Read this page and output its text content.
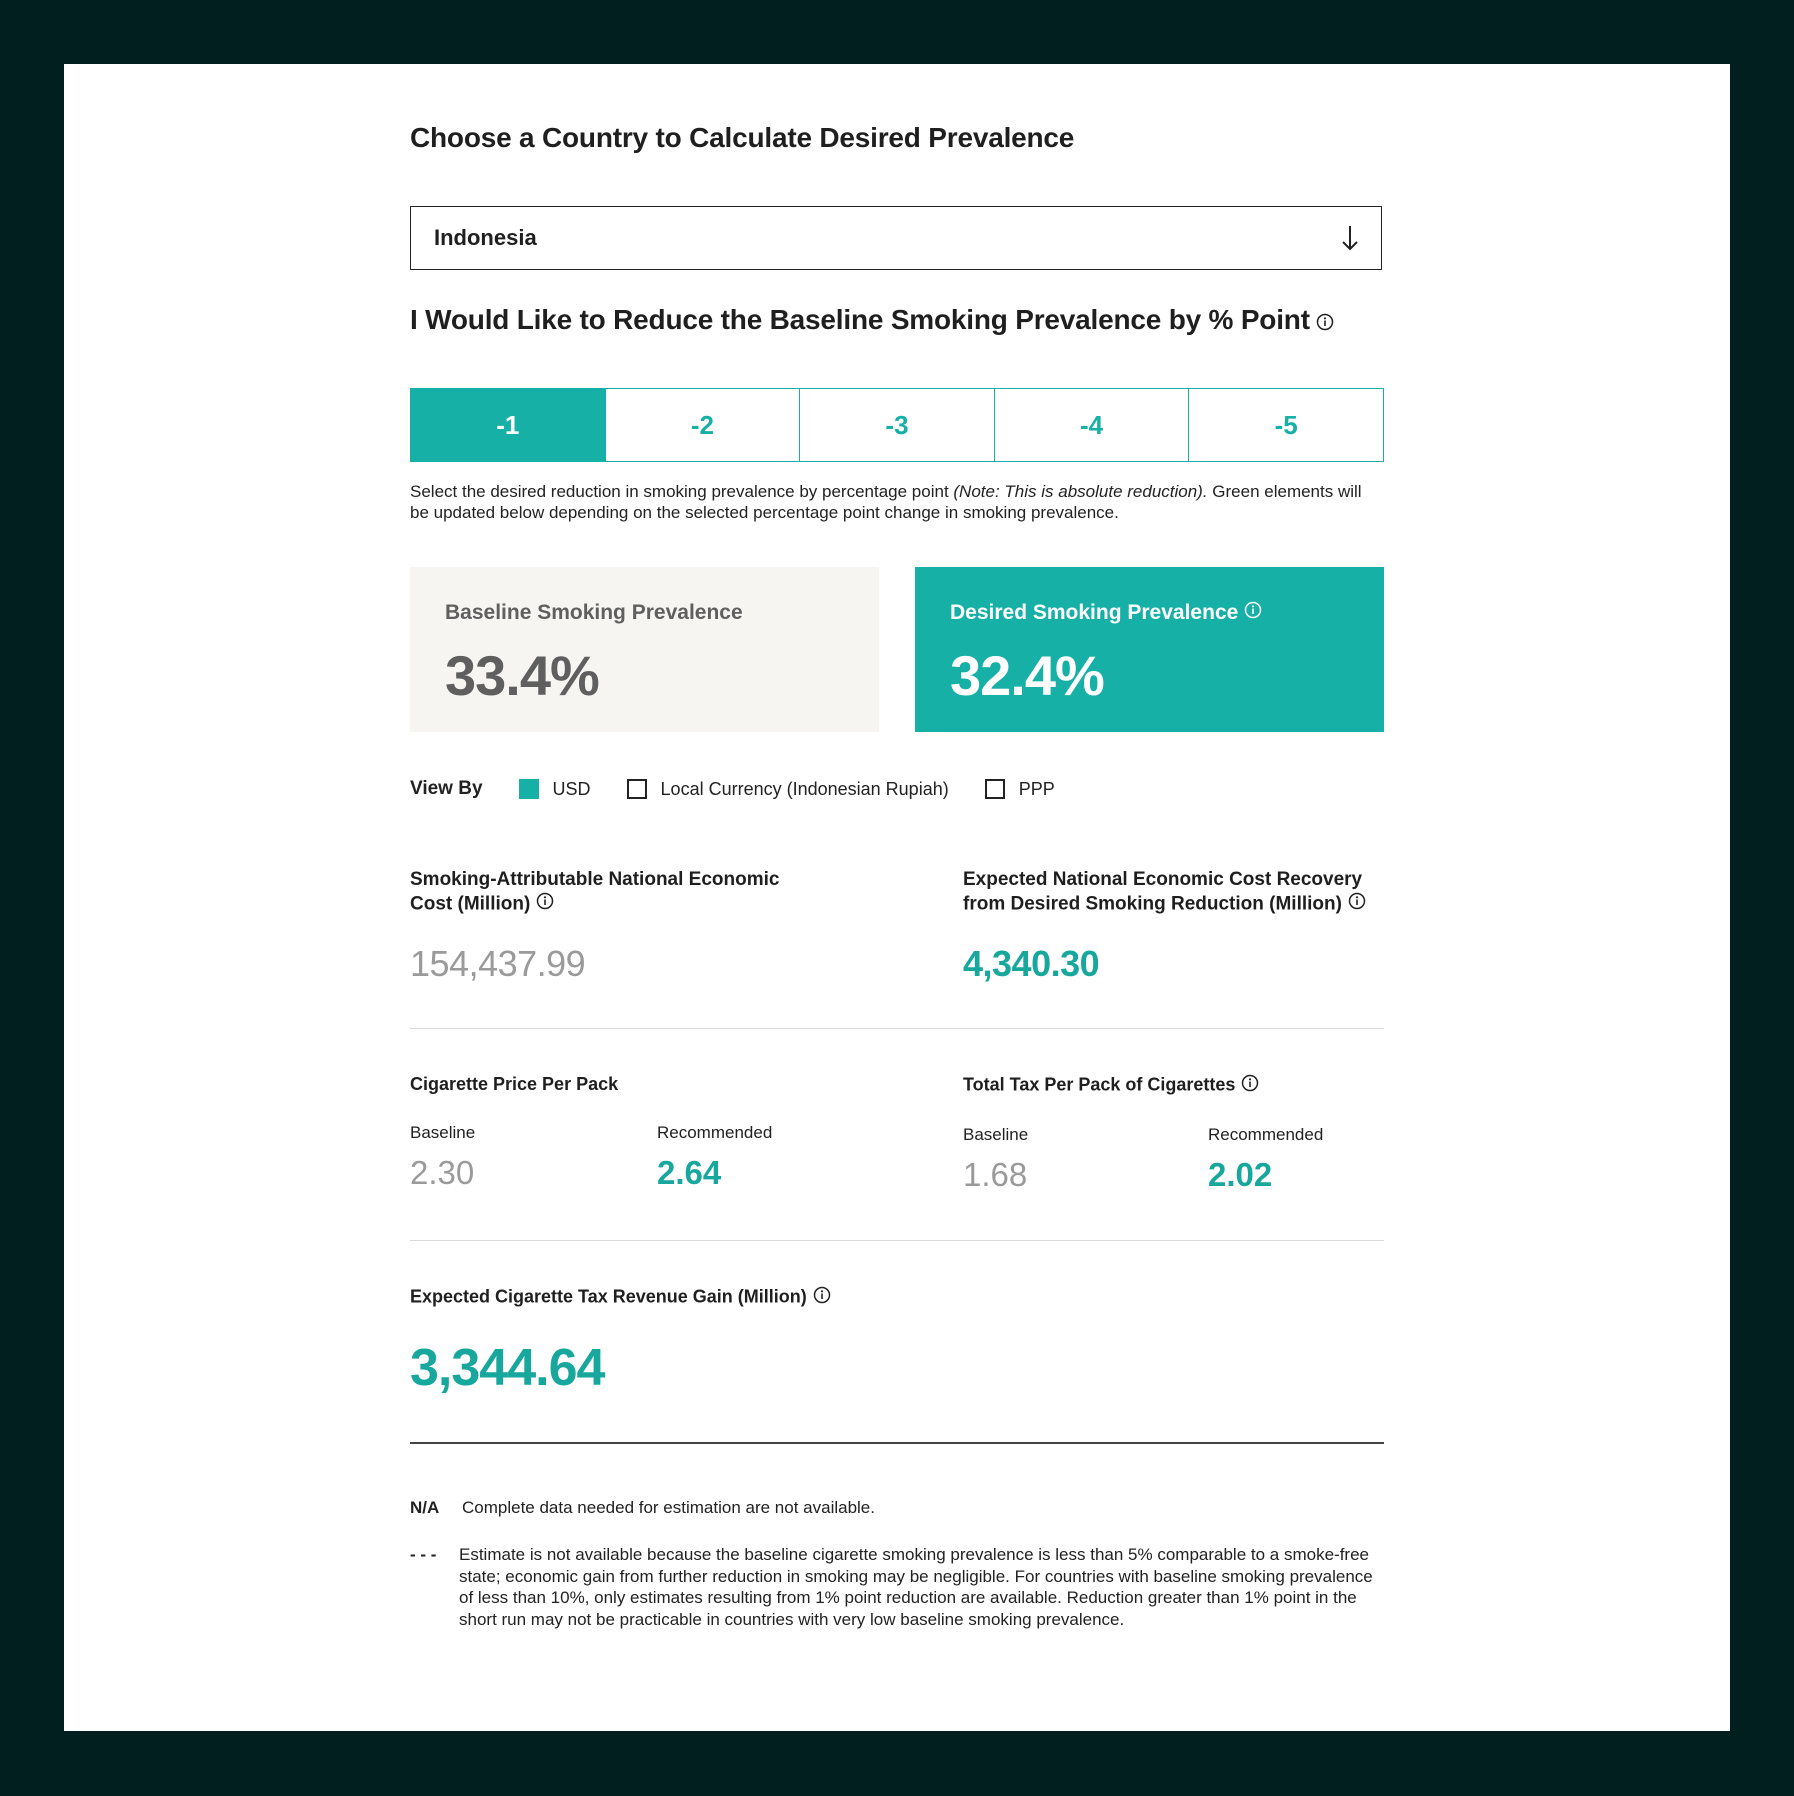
Choose a Country to Calculate Desired Prevalence
Indonesia
I Would Like to Reduce the Baseline Smoking Prevalence by % Point
-1	-2	-3	-4	-5
Select the desired reduction in smoking prevalence by percentage point (Note: This is absolute reduction). Green elements will be updated below depending on the selected percentage point change in smoking prevalence.
Baseline Smoking Prevalence
33.4%
Desired Smoking Prevalence
32.4%
View By	USD	Local Currency (Indonesian Rupiah)	PPP
Smoking-Attributable National Economic
Cost (Million)
154,437.99
Expected National Economic Cost Recovery
from Desired Smoking Reduction (Million)
4,340.30
Cigarette Price Per Pack
Baseline
2.30
Recommended
2.64
Total Tax Per Pack of Cigarettes
Baseline
1.68
Recommended
2.02
Expected Cigarette Tax Revenue Gain (Million)
3,344.64
N/A Complete data needed for estimation are not available.
- - - Estimate is not available because the baseline cigarette smoking prevalence is less than 5% comparable to a smoke-free state; economic gain from further reduction in smoking may be negligible. For countries with baseline smoking prevalence of less than 10%, only estimates resulting from 1% point reduction are available. Reduction greater than 1% point in the short run may not be practicable in countries with very low baseline smoking prevalence.
